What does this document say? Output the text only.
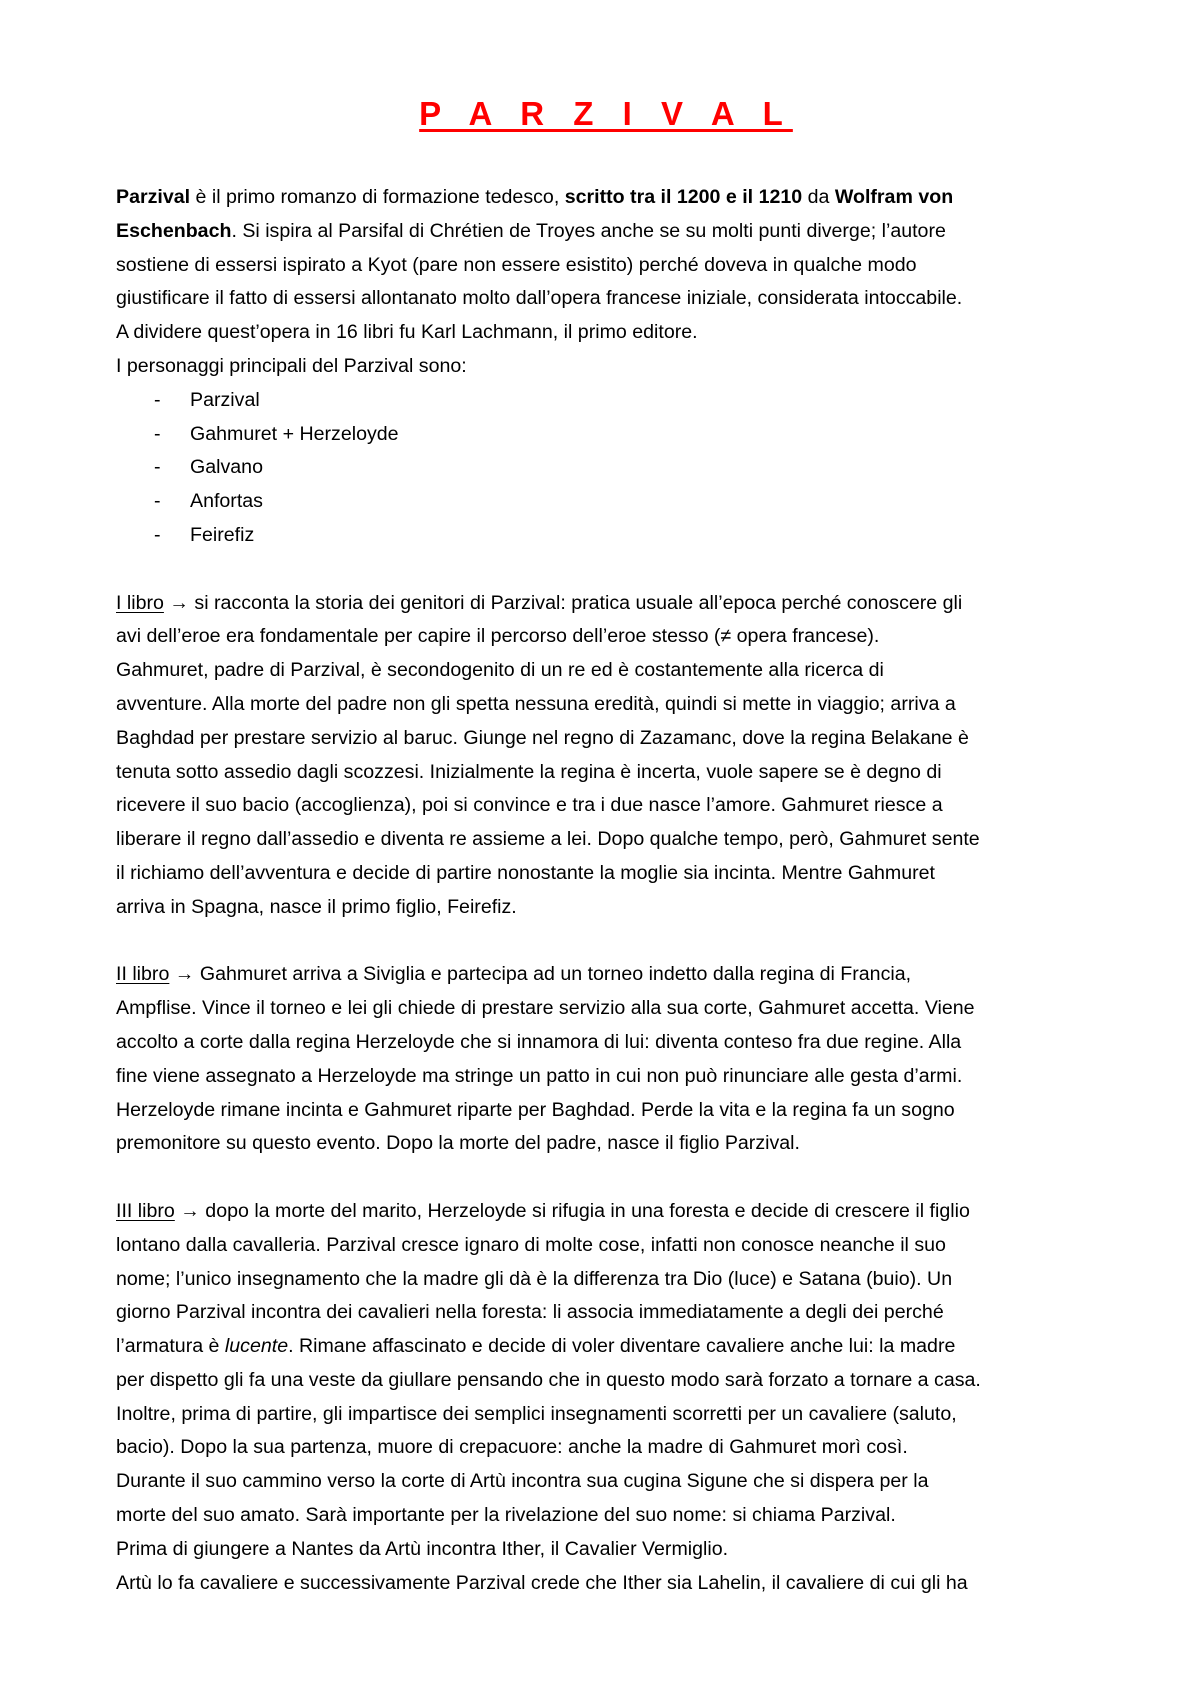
P A R Z I V A L
Parzival è il primo romanzo di formazione tedesco, scritto tra il 1200 e il 1210 da Wolfram von
Eschenbach. Si ispira al Parsifal di Chrétien de Troyes anche se su molti punti diverge; l’autore
sostiene di essersi ispirato a Kyot (pare non essere esistito) perché doveva in qualche modo
giustificare il fatto di essersi allontanato molto dall’opera francese iniziale, considerata intoccabile.
A dividere quest’opera in 16 libri fu Karl Lachmann, il primo editore.
I personaggi principali del Parzival sono:
- Parzival
- Gahmuret + Herzeloyde
- Galvano
- Anfortas
- Feirefiz
I libro → si racconta la storia dei genitori di Parzival: pratica usuale all’epoca perché conoscere gli
avi dell’eroe era fondamentale per capire il percorso dell’eroe stesso (≠ opera francese).
Gahmuret, padre di Parzival, è secondogenito di un re ed è costantemente alla ricerca di
avventure. Alla morte del padre non gli spetta nessuna eredità, quindi si mette in viaggio; arriva a
Baghdad per prestare servizio al baruc. Giunge nel regno di Zazamanc, dove la regina Belakane è
tenuta sotto assedio dagli scozzesi. Inizialmente la regina è incerta, vuole sapere se è degno di
ricevere il suo bacio (accoglienza), poi si convince e tra i due nasce l’amore. Gahmuret riesce a
liberare il regno dall’assedio e diventa re assieme a lei. Dopo qualche tempo, però, Gahmuret sente
il richiamo dell’avventura e decide di partire nonostante la moglie sia incinta. Mentre Gahmuret
arriva in Spagna, nasce il primo figlio, Feirefiz.
II libro → Gahmuret arriva a Siviglia e partecipa ad un torneo indetto dalla regina di Francia,
Ampflise. Vince il torneo e lei gli chiede di prestare servizio alla sua corte, Gahmuret accetta. Viene
accolto a corte dalla regina Herzeloyde che si innamora di lui: diventa conteso fra due regine. Alla
fine viene assegnato a Herzeloyde ma stringe un patto in cui non può rinunciare alle gesta d’armi.
Herzeloyde rimane incinta e Gahmuret riparte per Baghdad. Perde la vita e la regina fa un sogno
premonitore su questo evento. Dopo la morte del padre, nasce il figlio Parzival.
III libro → dopo la morte del marito, Herzeloyde si rifugia in una foresta e decide di crescere il figlio
lontano dalla cavalleria. Parzival cresce ignaro di molte cose, infatti non conosce neanche il suo
nome; l’unico insegnamento che la madre gli dà è la differenza tra Dio (luce) e Satana (buio). Un
giorno Parzival incontra dei cavalieri nella foresta: li associa immediatamente a degli dei perché
l’armatura è lucente. Rimane affascinato e decide di voler diventare cavaliere anche lui: la madre
per dispetto gli fa una veste da giullare pensando che in questo modo sarà forzato a tornare a casa.
Inoltre, prima di partire, gli impartisce dei semplici insegnamenti scorretti per un cavaliere (saluto,
bacio). Dopo la sua partenza, muore di crepacuore: anche la madre di Gahmuret morì così.
Durante il suo cammino verso la corte di Artù incontra sua cugina Sigune che si dispera per la
morte del suo amato. Sarà importante per la rivelazione del suo nome: si chiama Parzival.
Prima di giungere a Nantes da Artù incontra Ither, il Cavalier Vermiglio.
Artù lo fa cavaliere e successivamente Parzival crede che Ither sia Lahelin, il cavaliere di cui gli ha
